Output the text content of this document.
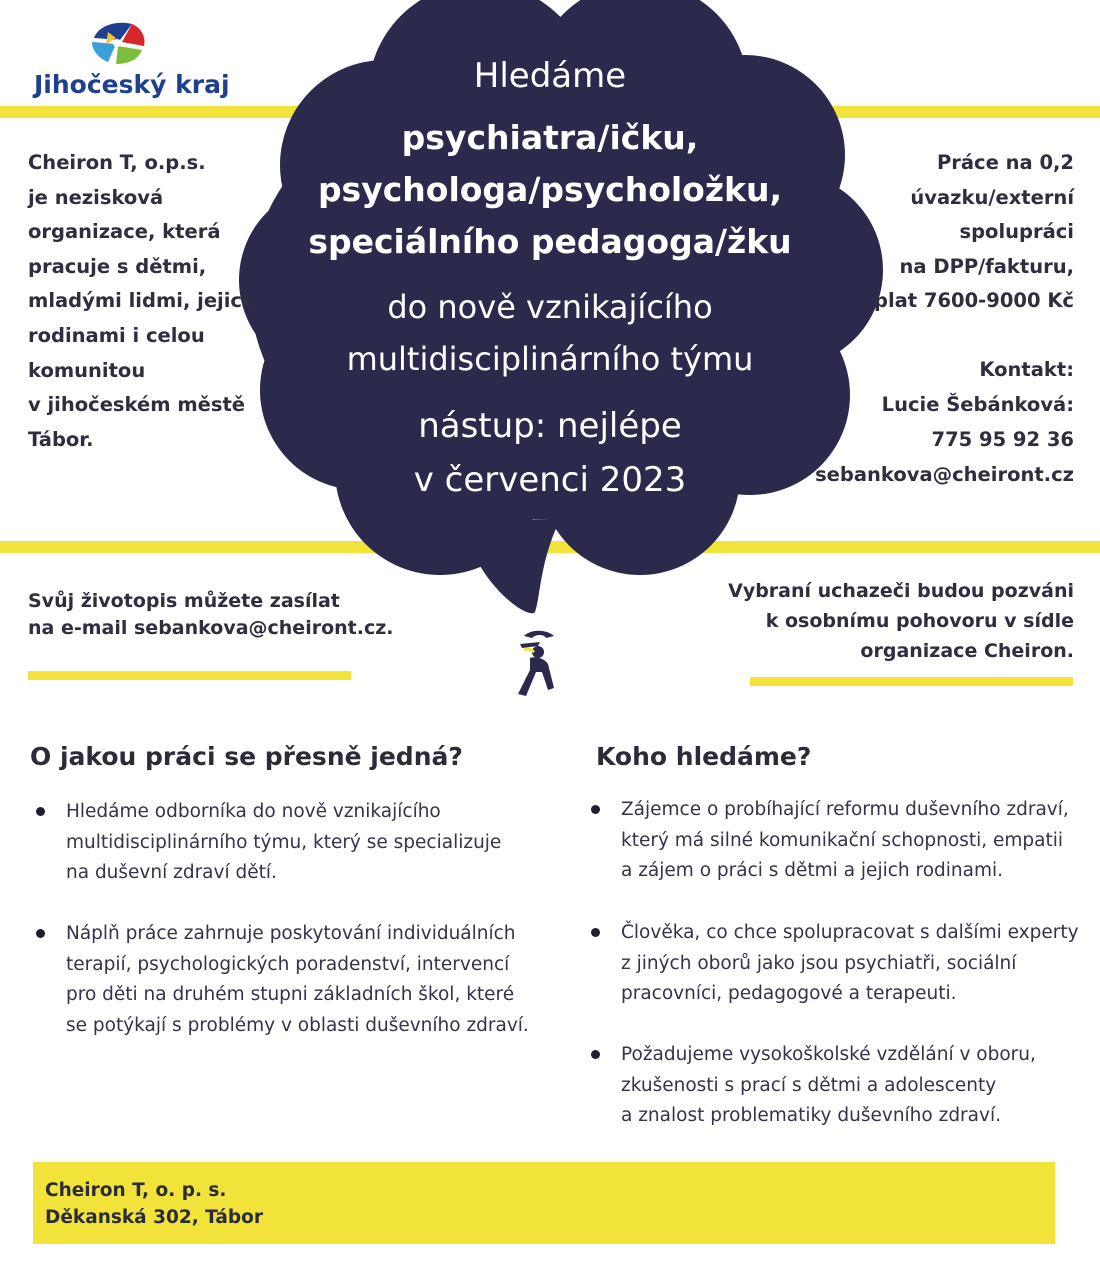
Jihočeský kraj	Hledáme
psychiatra/ičku,
psychologa/psycholožku,
speciálního pedagoga/žku
do nově vznikajícího
multidisciplinárního týmu
nástup: nejlépe
v červenci 2023
Cheiron T, o.p.s.
je nezisková
organizace, která
pracuje s dětmi,
mladými lidmi, jejich
rodinami i celou
komunitou
v jihočeském městě
Tábor.
Práce na 0,2
úvazku/externí
spolupráci
na DPP/fakturu,
plat 7600-9000 Kč
Kontakt:
Lucie Šebánková:
775 95 92 36
sebankova@cheiront.cz
Svůj životopis můžete zasílat
na e-mail sebankova@cheiront.cz.
Vybraní uchazeči budou pozváni
k osobnímu pohovoru v sídle
organizace Cheiron.
O jakou práci se přesně jedná?	Koho hledáme?
Hledáme odborníka do nově vznikajícího
multidisciplinárního týmu, který se specializuje
na duševní zdraví dětí.
Náplň práce zahrnuje poskytování individuálních
terapií, psychologických poradenství, intervencí
pro děti na druhém stupni základních škol, které
se potýkají s problémy v oblasti duševního zdraví.
Zájemce o probíhající reformu duševního zdraví,
který má silné komunikační schopnosti, empatii
a zájem o práci s dětmi a jejich rodinami.
Člověka, co chce spolupracovat s dalšími experty
z jiných oborů jako jsou psychiatři, sociální
pracovníci, pedagogové a terapeuti.
Požadujeme vysokoškolské vzdělání v oboru,
zkušenosti s prací s dětmi a adolescenty
a znalost problematiky duševního zdraví.
Cheiron T, o. p. s.
Děkanská 302, Tábor
